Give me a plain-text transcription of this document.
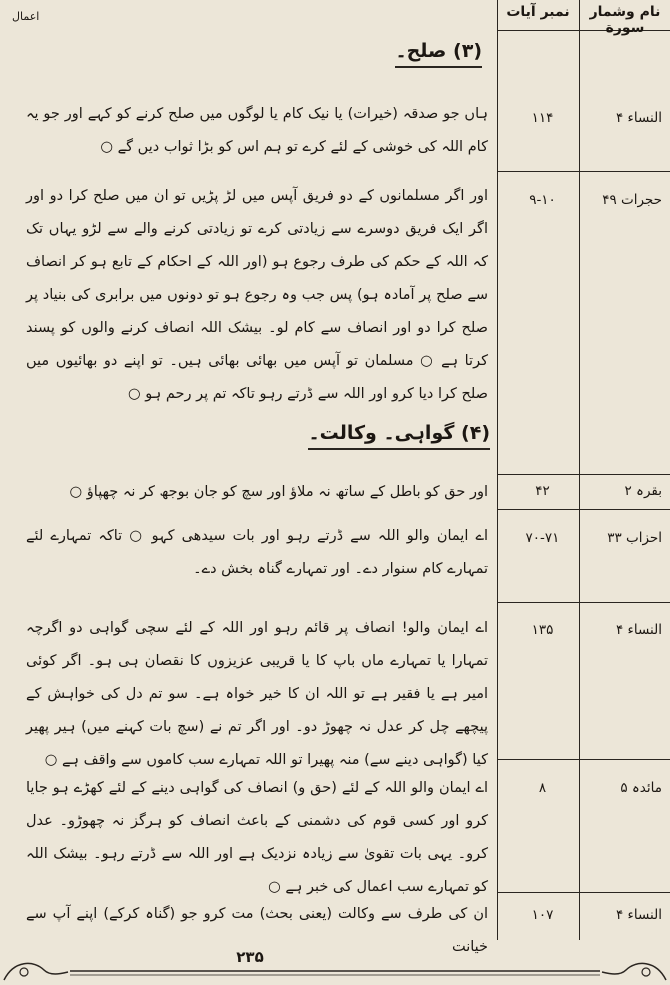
نام وشمار سورة
نمبر آیات
اعمال
(۳) صلح۔
النساء ۴
۱۱۴
ہاں جو صدقہ (خیرات) یا نیک کام یا لوگوں میں صلح کرنے کو کہے اور جو یہ کام اللہ کی خوشی کے لئے کرے تو ہم اس کو بڑا ثواب دیں گے ○
حجرات ۴۹
۹-۱۰
اور اگر مسلمانوں کے دو فریق آپس میں لڑ پڑیں تو ان میں صلح کرا دو اور اگر ایک فریق دوسرے سے زیادتی کرے تو زیادتی کرنے والے سے لڑو یہاں تک کہ اللہ کے حکم کی طرف رجوع ہو (اور اللہ کے احکام کے تابع ہو کر انصاف سے صلح پر آمادہ ہو) پس جب وہ رجوع ہو تو دونوں میں برابری کی بنیاد پر صلح کرا دو اور انصاف سے کام لو۔ بیشک اللہ انصاف کرنے والوں کو پسند کرتا ہے ○ مسلمان تو آپس میں بھائی بھائی ہیں۔ تو اپنے دو بھائیوں میں صلح کرا دیا کرو اور اللہ سے ڈرتے رہو تاکہ تم پر رحم ہو ○
(۴) گواہی۔ وکالت۔
بقرہ ۲
۴۲
اور حق کو باطل کے ساتھ نہ ملاؤ اور سچ کو جان بوجھ کر نہ چھپاؤ ○
احزاب ۳۳
۷۰-۷۱
اے ایمان والو اللہ سے ڈرتے رہو اور بات سیدھی کہو ○ تاکہ تمہارے لئے تمہارے کام سنوار دے۔ اور تمہارے گناہ بخش دے۔
النساء ۴
۱۳۵
اے ایمان والو! انصاف پر قائم رہو اور اللہ کے لئے سچی گواہی دو اگرچہ تمہارا یا تمہارے ماں باپ کا یا قریبی عزیزوں کا نقصان ہی ہو۔ اگر کوئی امیر ہے یا فقیر ہے تو اللہ ان کا خیر خواہ ہے۔ سو تم دل کی خواہش کے پیچھے چل کر عدل نہ چھوڑ دو۔ اور اگر تم نے (سچ بات کہنے میں) ہیر پھیر کیا (گواہی دینے سے) منہ پھیرا تو اللہ تمہارے سب کاموں سے واقف ہے ○
مائدہ ۵
۸
اے ایمان والو اللہ کے لئے (حق و) انصاف کی گواہی دینے کے لئے کھڑے ہو جایا کرو اور کسی قوم کی دشمنی کے باعث انصاف کو ہرگز نہ چھوڑو۔ عدل کرو۔ یہی بات تقویٰ سے زیادہ نزدیک ہے اور اللہ سے ڈرتے رہو۔ بیشک اللہ کو تمہارے سب اعمال کی خبر ہے ○
النساء ۴
۱۰۷
ان کی طرف سے وکالت (یعنی بحث) مت کرو جو (گناہ کرکے) اپنے آپ سے خیانت
۲۳۵
